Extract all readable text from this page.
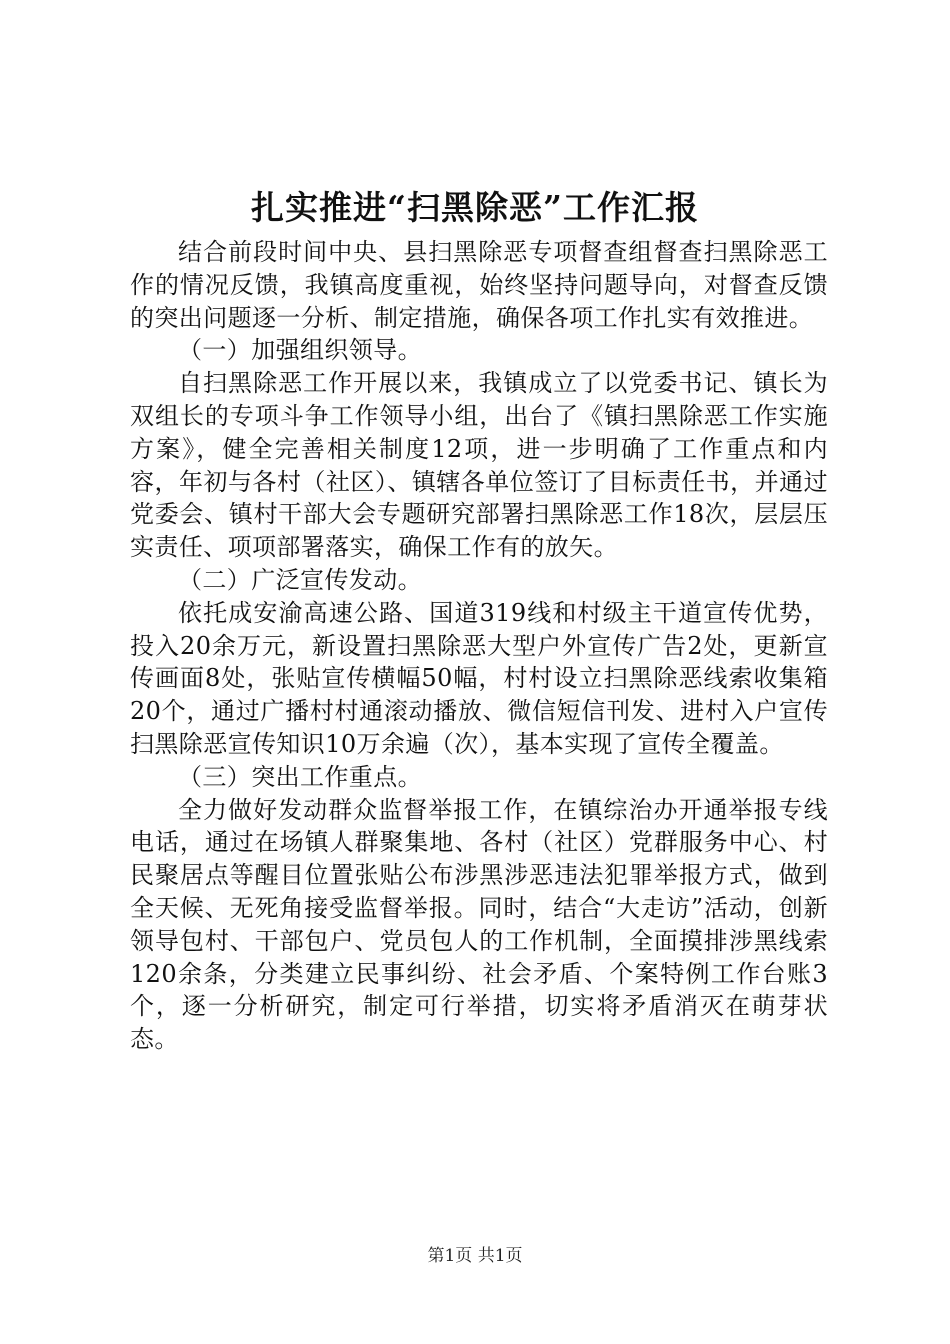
扎实推进“扫黑除恶”工作汇报

结合前段时间中央、县扫黑除恶专项督查组督查扫黑除恶工作的情况反馈，我镇高度重视，始终坚持问题导向，对督查反馈的突出问题逐一分析、制定措施，确保各项工作扎实有效推进。

（一）加强组织领导。

自扫黑除恶工作开展以来，我镇成立了以党委书记、镇长为双组长的专项斗争工作领导小组，出台了《镇扫黑除恶工作实施方案》，健全完善相关制度12项，进一步明确了工作重点和内容，年初与各村（社区）、镇辖各单位签订了目标责任书，并通过党委会、镇村干部大会专题研究部署扫黑除恶工作18次，层层压实责任、项项部署落实，确保工作有的放矢。

（二）广泛宣传发动。

依托成安渝高速公路、国道319线和村级主干道宣传优势，投入20余万元，新设置扫黑除恶大型户外宣传广告2处，更新宣传画面8处，张贴宣传横幅50幅，村村设立扫黑除恶线索收集箱20个，通过广播村村通滚动播放、微信短信刊发、进村入户宣传扫黑除恶宣传知识10万余遍（次），基本实现了宣传全覆盖。

（三）突出工作重点。

全力做好发动群众监督举报工作，在镇综治办开通举报专线电话，通过在场镇人群聚集地、各村（社区）党群服务中心、村民聚居点等醒目位置张贴公布涉黑涉恶违法犯罪举报方式，做到全天候、无死角接受监督举报。同时，结合“大走访”活动，创新领导包村、干部包户、党员包人的工作机制，全面摸排涉黑线索120余条，分类建立民事纠纷、社会矛盾、个案特例工作台账3个，逐一分析研究，制定可行举措，切实将矛盾消灭在萌芽状态。

第1页 共1页
